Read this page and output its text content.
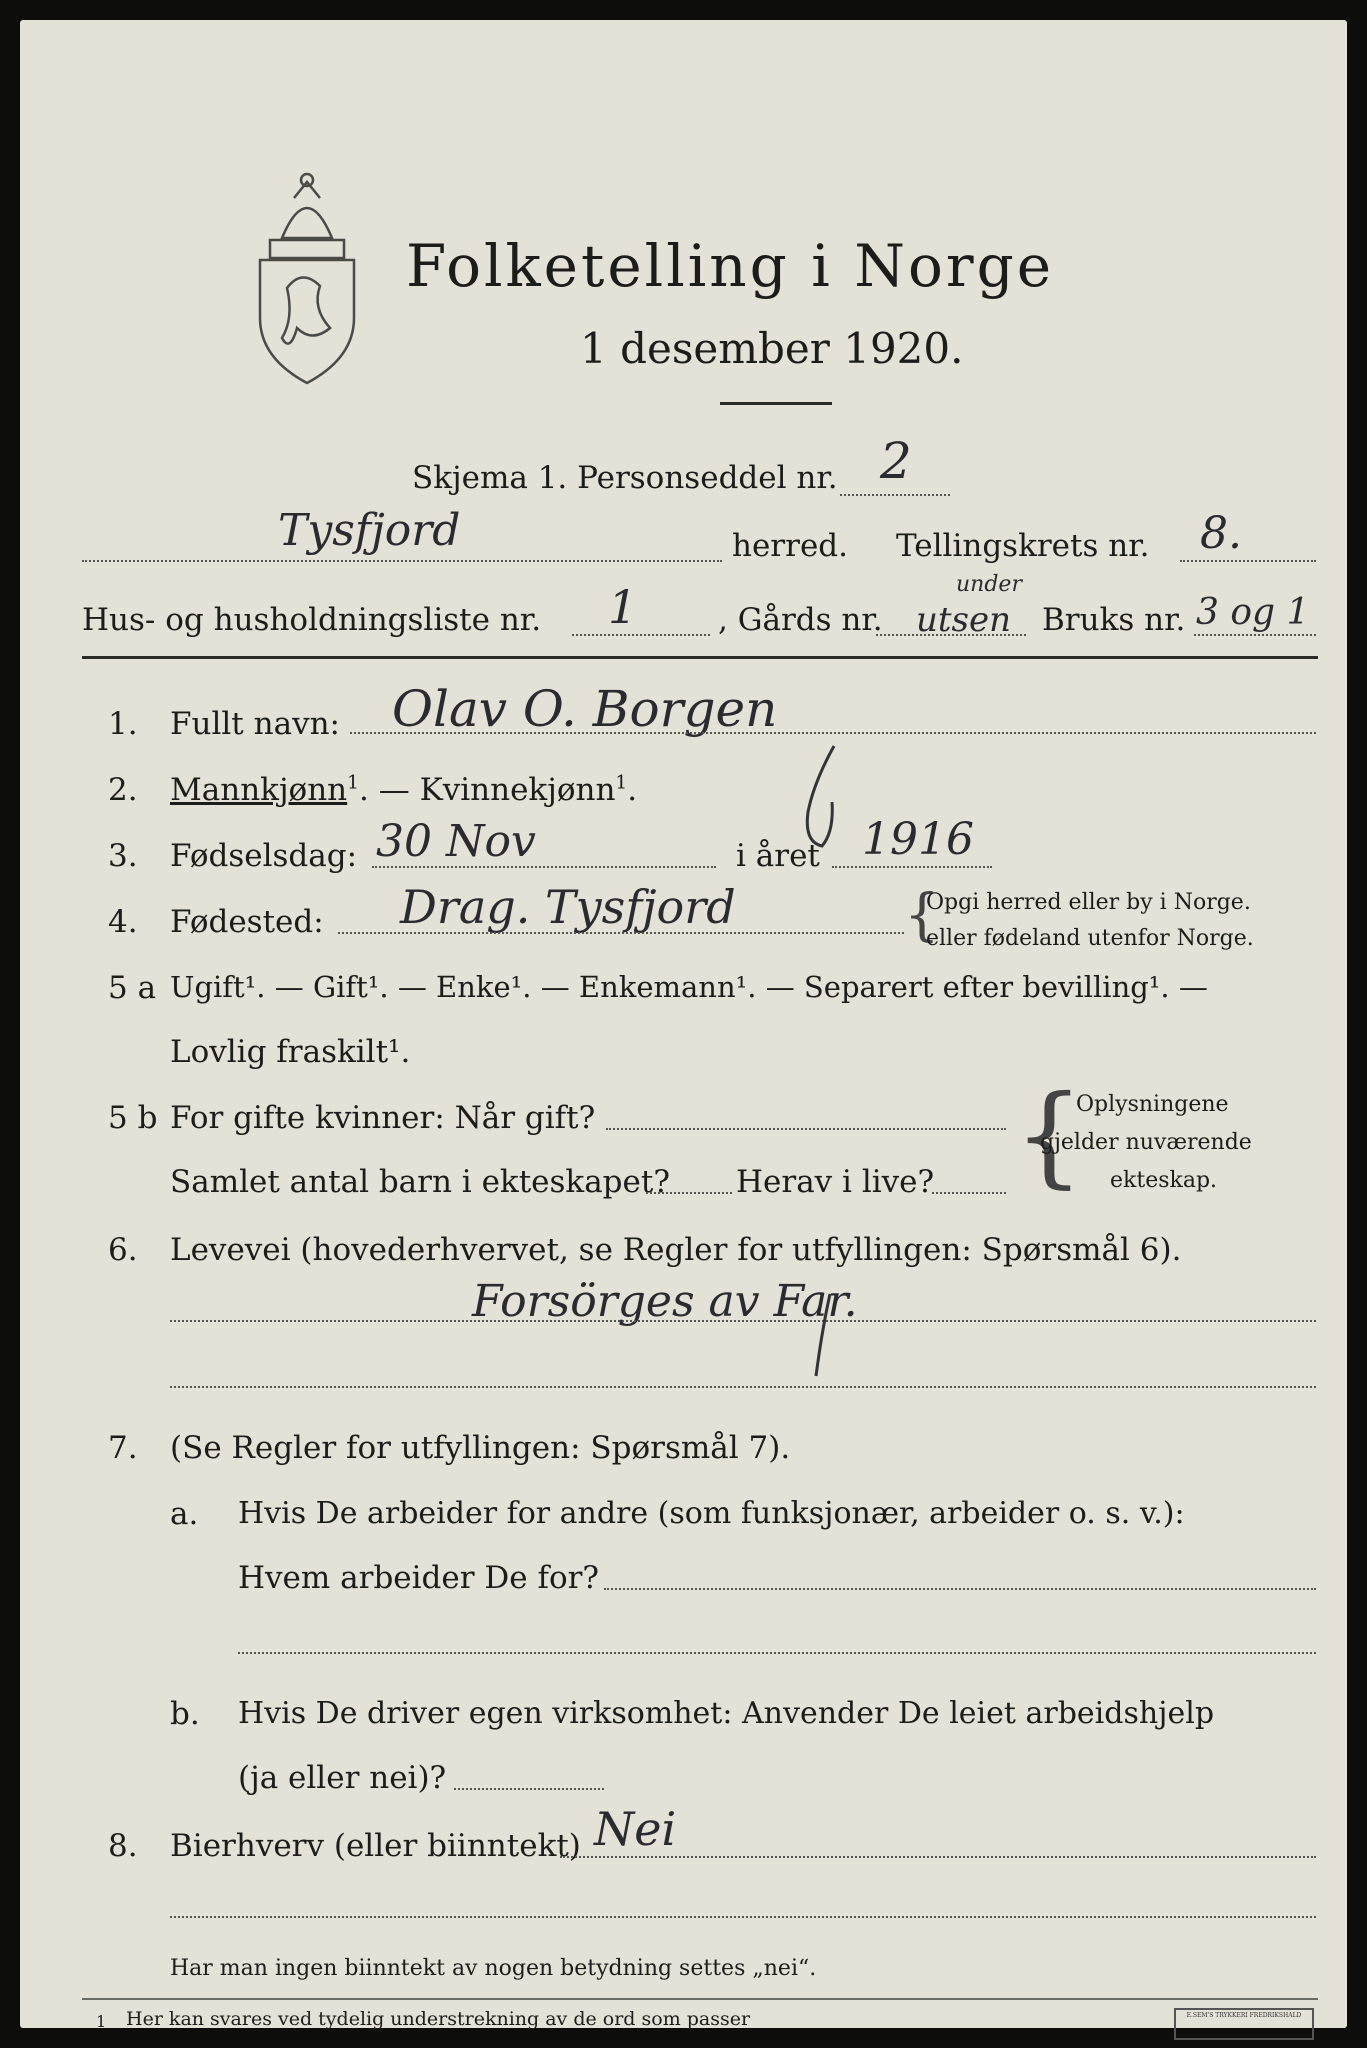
Folketelling i Norge
1 desember 1920.
Skjema 1. Personseddel nr. 2
Tysfjord	herred. Tellingskrets nr. 8.
Hus- og husholdningsliste nr. 1	, Gårds nr.
under
utsen Bruks nr. 3 og 1
1. Fullt navn: Olav O. Borgen
2. Mannkjønn$^1$. — Kvinnekjønn$^1$.
3. Fødselsdag: 30 Nov	i året 1916
4. Fødested: Drag. Tysfjord	{
Opgi herred eller by i Norge.
eller fødeland utenfor Norge.
5 a Ugift¹. — Gift¹. — Enke¹. — Enkemann¹. — Separert efter bevilling¹. —
Lovlig fraskilt¹.
5 b For gifte kvinner: Når gift?
Samlet antal barn i ekteskapet? Herav i live? {
Oplysningene
gjelder nuværende
ekteskap.
6. Levevei (hovederhvervet, se Regler for utfyllingen: Spørsmål 6).
Forsörges av Far.
7. (Se Regler for utfyllingen: Spørsmål 7).
a. Hvis De arbeider for andre (som funksjonær, arbeider o. s. v.):
Hvem arbeider De for?
b. Hvis De driver egen virksomhet: Anvender De leiet arbeidshjelp
(ja eller nei)?
8. Bierhverv (eller biinntekt) Nei
Har man ingen biinntekt av nogen betydning settes „nei“.
1 Her kan svares ved tydelig understrekning av de ord som passer	E.SEM'S TRYKKERI FREDRIKSHALD
